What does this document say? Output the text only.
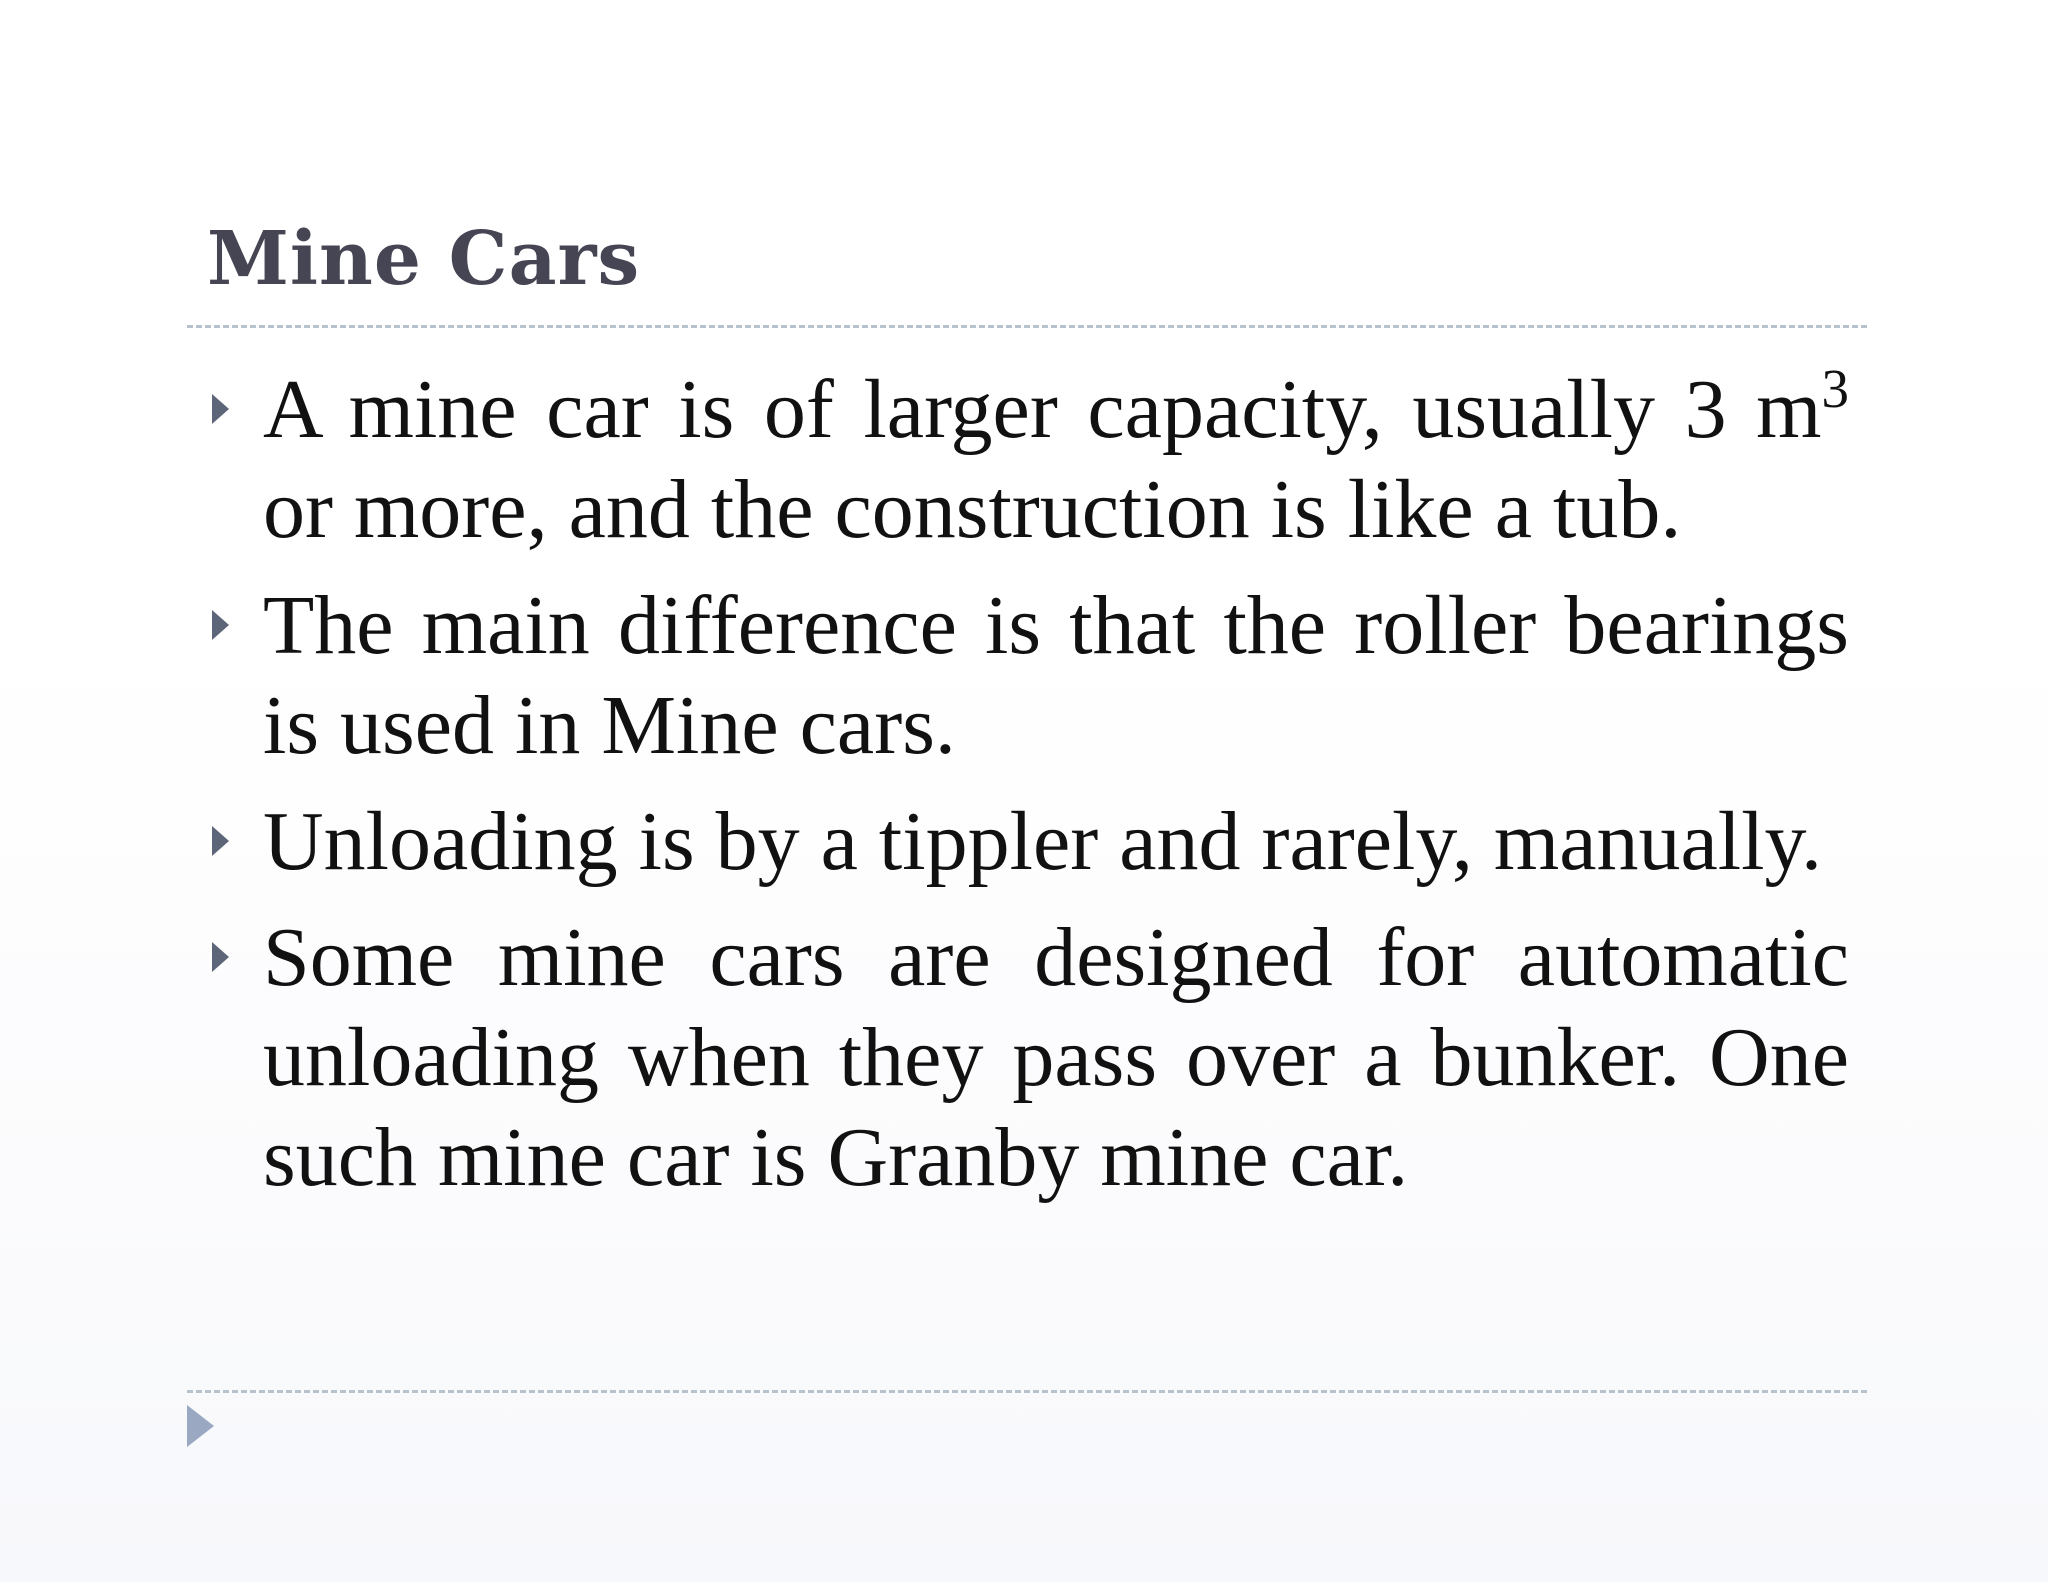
Mine Cars
A mine car is of larger capacity, usually 3 $m^3$ or more, and the construction is like a tub.
The main difference is that the roller bearings is used in Mine cars.
Unloading is by a tippler and rarely, manually.
Some mine cars are designed for automatic unloading when they pass over a bunker. One such mine car is Granby mine car.
